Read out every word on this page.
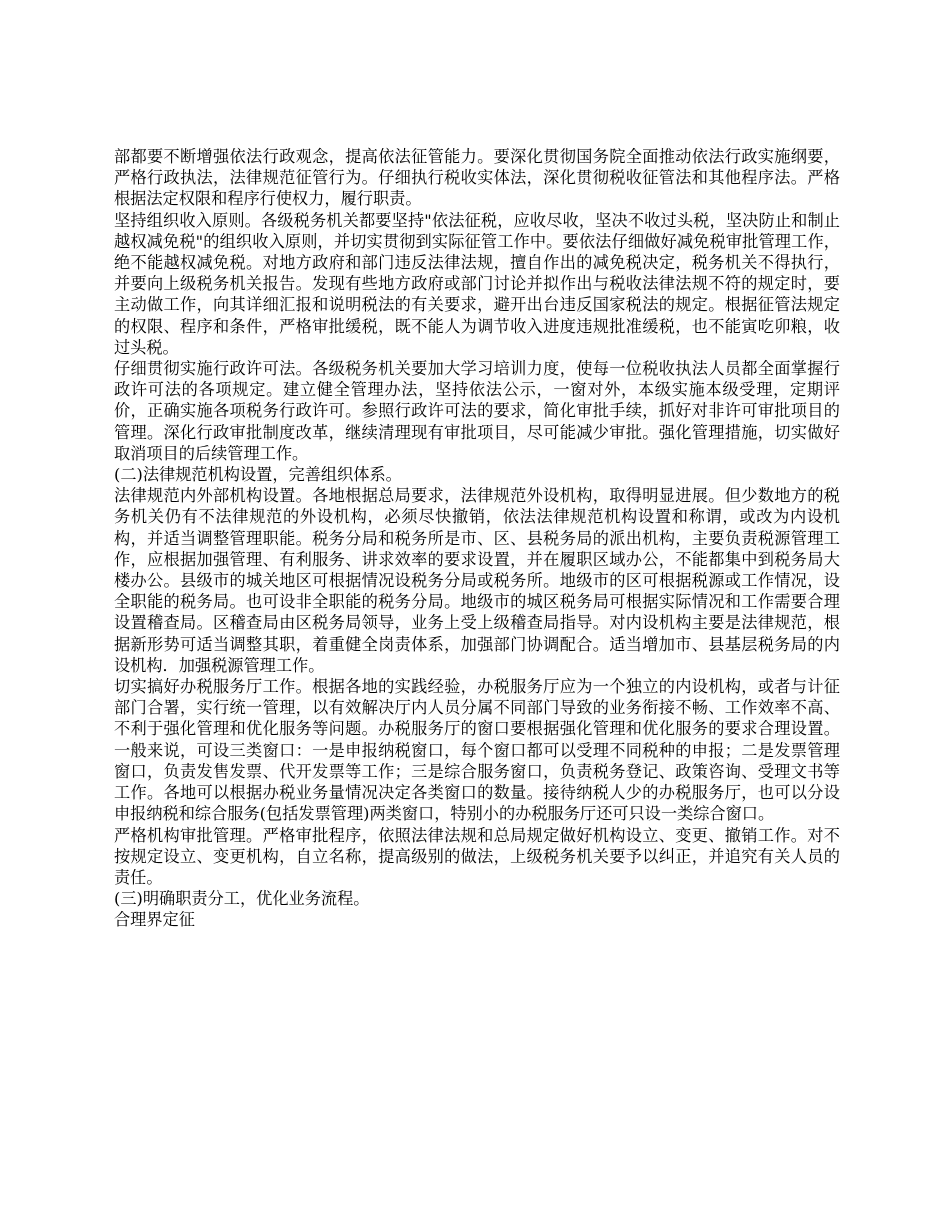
部都要不断增强依法行政观念，提高依法征管能力。要深化贯彻国务院全面推动依法行政实施纲要，严格行政执法，法律规范征管行为。仔细执行税收实体法，深化贯彻税收征管法和其他程序法。严格根据法定权限和程序行使权力，履行职责。

坚持组织收入原则。各级税务机关都要坚持"依法征税，应收尽收，坚决不收过头税，坚决防止和制止越权减免税"的组织收入原则，并切实贯彻到实际征管工作中。要依法仔细做好减免税审批管理工作，绝不能越权减免税。对地方政府和部门违反法律法规，擅自作出的减免税决定，税务机关不得执行，并要向上级税务机关报告。发现有些地方政府或部门讨论并拟作出与税收法律法规不符的规定时，要主动做工作，向其详细汇报和说明税法的有关要求，避开出台违反国家税法的规定。根据征管法规定的权限、程序和条件，严格审批缓税，既不能人为调节收入进度违规批准缓税，也不能寅吃卯粮，收过头税。

仔细贯彻实施行政许可法。各级税务机关要加大学习培训力度，使每一位税收执法人员都全面掌握行政许可法的各项规定。建立健全管理办法，坚持依法公示，一窗对外，本级实施本级受理，定期评价，正确实施各项税务行政许可。参照行政许可法的要求，简化审批手续，抓好对非许可审批项目的管理。深化行政审批制度改革，继续清理现有审批项目，尽可能减少审批。强化管理措施，切实做好取消项目的后续管理工作。

(二)法律规范机构设置，完善组织体系。

法律规范内外部机构设置。各地根据总局要求，法律规范外设机构，取得明显进展。但少数地方的税务机关仍有不法律规范的外设机构，必须尽快撤销，依法法律规范机构设置和称谓，或改为内设机构，并适当调整管理职能。税务分局和税务所是市、区、县税务局的派出机构，主要负责税源管理工作，应根据加强管理、有利服务、讲求效率的要求设置，并在履职区域办公，不能都集中到税务局大楼办公。县级市的城关地区可根据情况设税务分局或税务所。地级市的区可根据税源或工作情况，设全职能的税务局。也可设非全职能的税务分局。地级市的城区税务局可根据实际情况和工作需要合理设置稽查局。区稽查局由区税务局领导，业务上受上级稽查局指导。对内设机构主要是法律规范，根据新形势可适当调整其职，着重健全岗责体系，加强部门协调配合。适当增加市、县基层税务局的内设机构．加强税源管理工作。

切实搞好办税服务厅工作。根据各地的实践经验，办税服务厅应为一个独立的内设机构，或者与计征部门合署，实行统一管理，以有效解决厅内人员分属不同部门导致的业务衔接不畅、工作效率不高、不利于强化管理和优化服务等问题。办税服务厅的窗口要根据强化管理和优化服务的要求合理设置。一般来说，可设三类窗口：一是申报纳税窗口，每个窗口都可以受理不同税种的申报；二是发票管理窗口，负责发售发票、代开发票等工作；三是综合服务窗口，负责税务登记、政策咨询、受理文书等工作。各地可以根据办税业务量情况决定各类窗口的数量。接待纳税人少的办税服务厅，也可以分设申报纳税和综合服务(包括发票管理)两类窗口，特别小的办税服务厅还可只设一类综合窗口。

严格机构审批管理。严格审批程序，依照法律法规和总局规定做好机构设立、变更、撤销工作。对不按规定设立、变更机构，自立名称，提高级别的做法，上级税务机关要予以纠正，并追究有关人员的责任。

(三)明确职责分工，优化业务流程。

合理界定征
